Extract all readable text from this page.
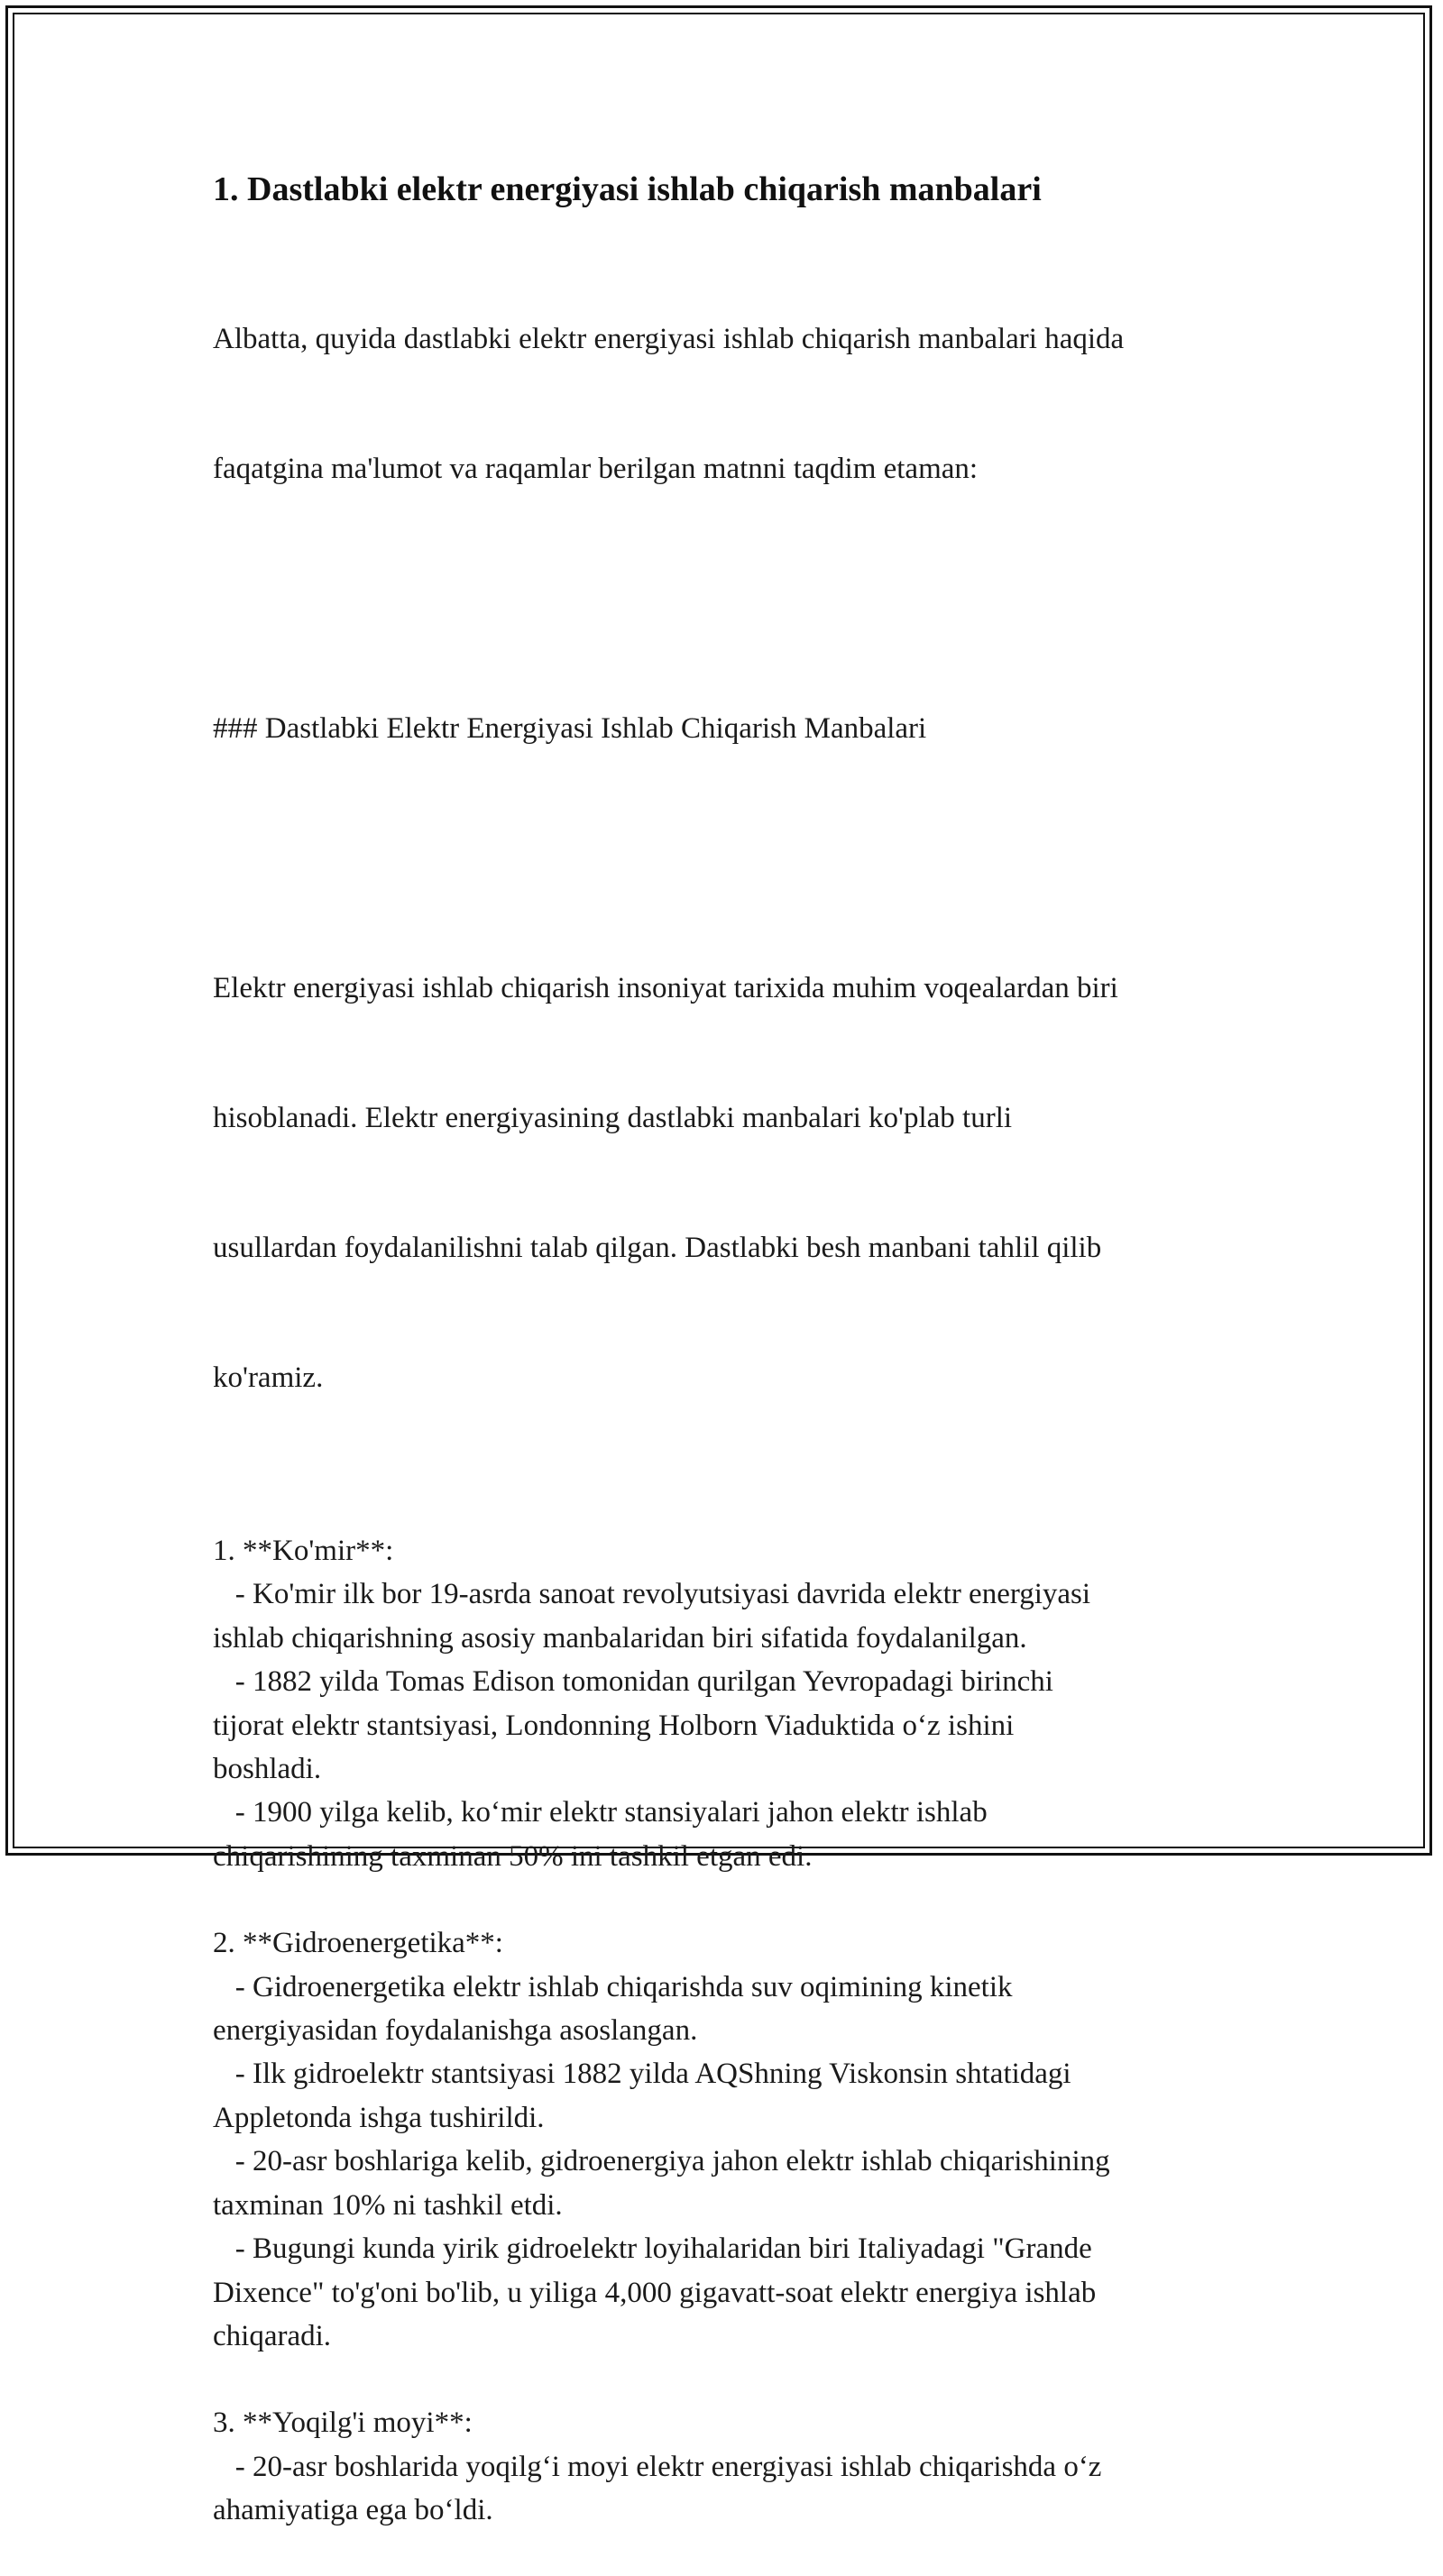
1. Dastlabki elektr energiyasi ishlab chiqarish manbalari

Albatta, quyida dastlabki elektr energiyasi ishlab chiqarish manbalari haqida

faqatgina ma'lumot va raqamlar berilgan matnni taqdim etaman:

### Dastlabki Elektr Energiyasi Ishlab Chiqarish Manbalari

Elektr energiyasi ishlab chiqarish insoniyat tarixida muhim voqealardan biri

hisoblanadi. Elektr energiyasining dastlabki manbalari ko'plab turli

usullardan foydalanilishni talab qilgan. Dastlabki besh manbani tahlil qilib

ko'ramiz.

1. **Ko'mir**:
- Ko'mir ilk bor 19-asrda sanoat revolyutsiyasi davrida elektr energiyasi
ishlab chiqarishning asosiy manbalaridan biri sifatida foydalanilgan.
- 1882 yilda Tomas Edison tomonidan qurilgan Yevropadagi birinchi
tijorat elektr stantsiyasi, Londonning Holborn Viaduktida o‘z ishini
boshladi.
- 1900 yilga kelib, ko‘mir elektr stansiyalari jahon elektr ishlab
chiqarishining taxminan 50% ini tashkil etgan edi.
2. **Gidroenergetika**:
- Gidroenergetika elektr ishlab chiqarishda suv oqimining kinetik
energiyasidan foydalanishga asoslangan.
- Ilk gidroelektr stantsiyasi 1882 yilda AQShning Viskonsin shtatidagi
Appletonda ishga tushirildi.
- 20-asr boshlariga kelib, gidroenergiya jahon elektr ishlab chiqarishining
taxminan 10% ni tashkil etdi.
- Bugungi kunda yirik gidroelektr loyihalaridan biri Italiyadagi "Grande
Dixence" to'g'oni bo'lib, u yiliga 4,000 gigavatt-soat elektr energiya ishlab
chiqaradi.
3. **Yoqilg'i moyi**:
- 20-asr boshlarida yoqilg‘i moyi elektr energiyasi ishlab chiqarishda o‘z
ahamiyatiga ega bo‘ldi.
